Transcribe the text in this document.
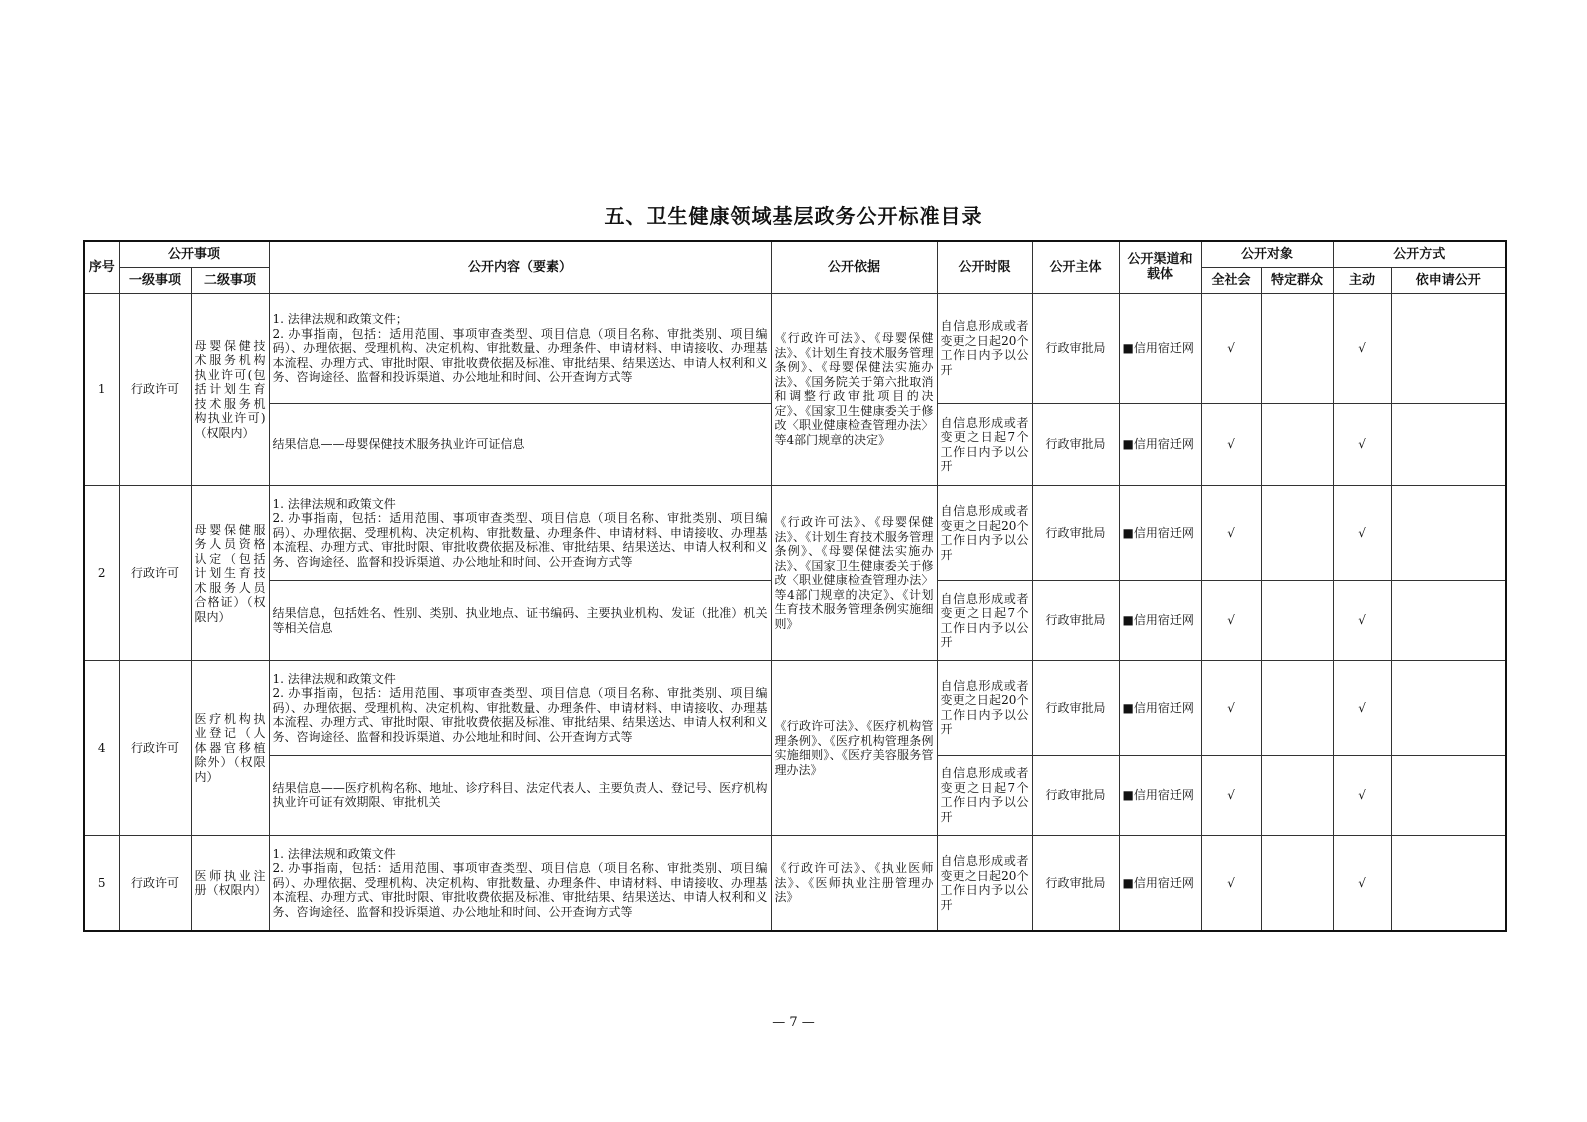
五、卫生健康领域基层政务公开标准目录
序号	公开事项		公开内容（要素）	公开依据	公开时限	公开主体	公开渠道和载体	公开对象		公开方式	
	一级事项	二级事项						全社会	特定群众	主动	依申请公开
1	行政许可	母婴保健技术服务机构执业许可(包括计划生育技术服务机构执业许可)（权限内）	1. 法律法规和政策文件；
2. 办事指南，包括：适用范围、事项审查类型、项目信息（项目名称、审批类别、项目编码）、办理依据、受理机构、决定机构、审批数量、办理条件、申请材料、申请接收、办理基本流程、办理方式、审批时限、审批收费依据及标准、审批结果、结果送达、申请人权利和义务、咨询途径、监督和投诉渠道、办公地址和时间、公开查询方式等	《行政许可法》、《母婴保健法》、《计划生育技术服务管理条例》、《母婴保健法实施办法》、《国务院关于第六批取消和调整行政审批项目的决定》、《国家卫生健康委关于修改〈职业健康检查管理办法〉等4部门规章的决定》	自信息形成或者变更之日起20个工作日内予以公开	行政审批局	■信用宿迁网	√		√	

			结果信息——母婴保健技术服务执业许可证信息		自信息形成或者变更之日起7个工作日内予以公开	行政审批局	■信用宿迁网	√		√	
2	行政许可	母婴保健服务人员资格认定（包括计划生育技术服务人员合格证）（权限内）	1. 法律法规和政策文件
2. 办事指南，包括：适用范围、事项审查类型、项目信息（项目名称、审批类别、项目编码）、办理依据、受理机构、决定机构、审批数量、办理条件、申请材料、申请接收、办理基本流程、办理方式、审批时限、审批收费依据及标准、审批结果、结果送达、申请人权利和义务、咨询途径、监督和投诉渠道、办公地址和时间、公开查询方式等	《行政许可法》、《母婴保健法》、《计划生育技术服务管理条例》、《母婴保健法实施办法》、《国家卫生健康委关于修改〈职业健康检查管理办法〉等4部门规章的决定》、《计划生育技术服务管理条例实施细则》	自信息形成或者变更之日起20个工作日内予以公开	行政审批局	■信用宿迁网	√		√	

			结果信息，包括姓名、性别、类别、执业地点、证书编码、主要执业机构、发证（批准）机关等相关信息		自信息形成或者变更之日起7个工作日内予以公开	行政审批局	■信用宿迁网	√		√	
4	行政许可	医疗机构执业登记（人体器官移植除外）（权限内）	1. 法律法规和政策文件
2. 办事指南，包括：适用范围、事项审查类型、项目信息（项目名称、审批类别、项目编码）、办理依据、受理机构、决定机构、审批数量、办理条件、申请材料、申请接收、办理基本流程、办理方式、审批时限、审批收费依据及标准、审批结果、结果送达、申请人权利和义务、咨询途径、监督和投诉渠道、办公地址和时间、公开查询方式等	《行政许可法》、《医疗机构管理条例》、《医疗机构管理条例实施细则》、《医疗美容服务管理办法》	自信息形成或者变更之日起20个工作日内予以公开	行政审批局	■信用宿迁网	√		√	

			结果信息——医疗机构名称、地址、诊疗科目、法定代表人、主要负责人、登记号、医疗机构执业许可证有效期限、审批机关		自信息形成或者变更之日起7个工作日内予以公开	行政审批局	■信用宿迁网	√		√	
5	行政许可	医师执业注册（权限内）	1. 法律法规和政策文件
2. 办事指南，包括：适用范围、事项审查类型、项目信息（项目名称、审批类别、项目编码）、办理依据、受理机构、决定机构、审批数量、办理条件、申请材料、申请接收、办理基本流程、办理方式、审批时限、审批收费依据及标准、审批结果、结果送达、申请人权利和义务、咨询途径、监督和投诉渠道、办公地址和时间、公开查询方式等	《行政许可法》、《执业医师法》、《医师执业注册管理办法》	自信息形成或者变更之日起20个工作日内予以公开	行政审批局	■信用宿迁网	√		√	
— 7 —
